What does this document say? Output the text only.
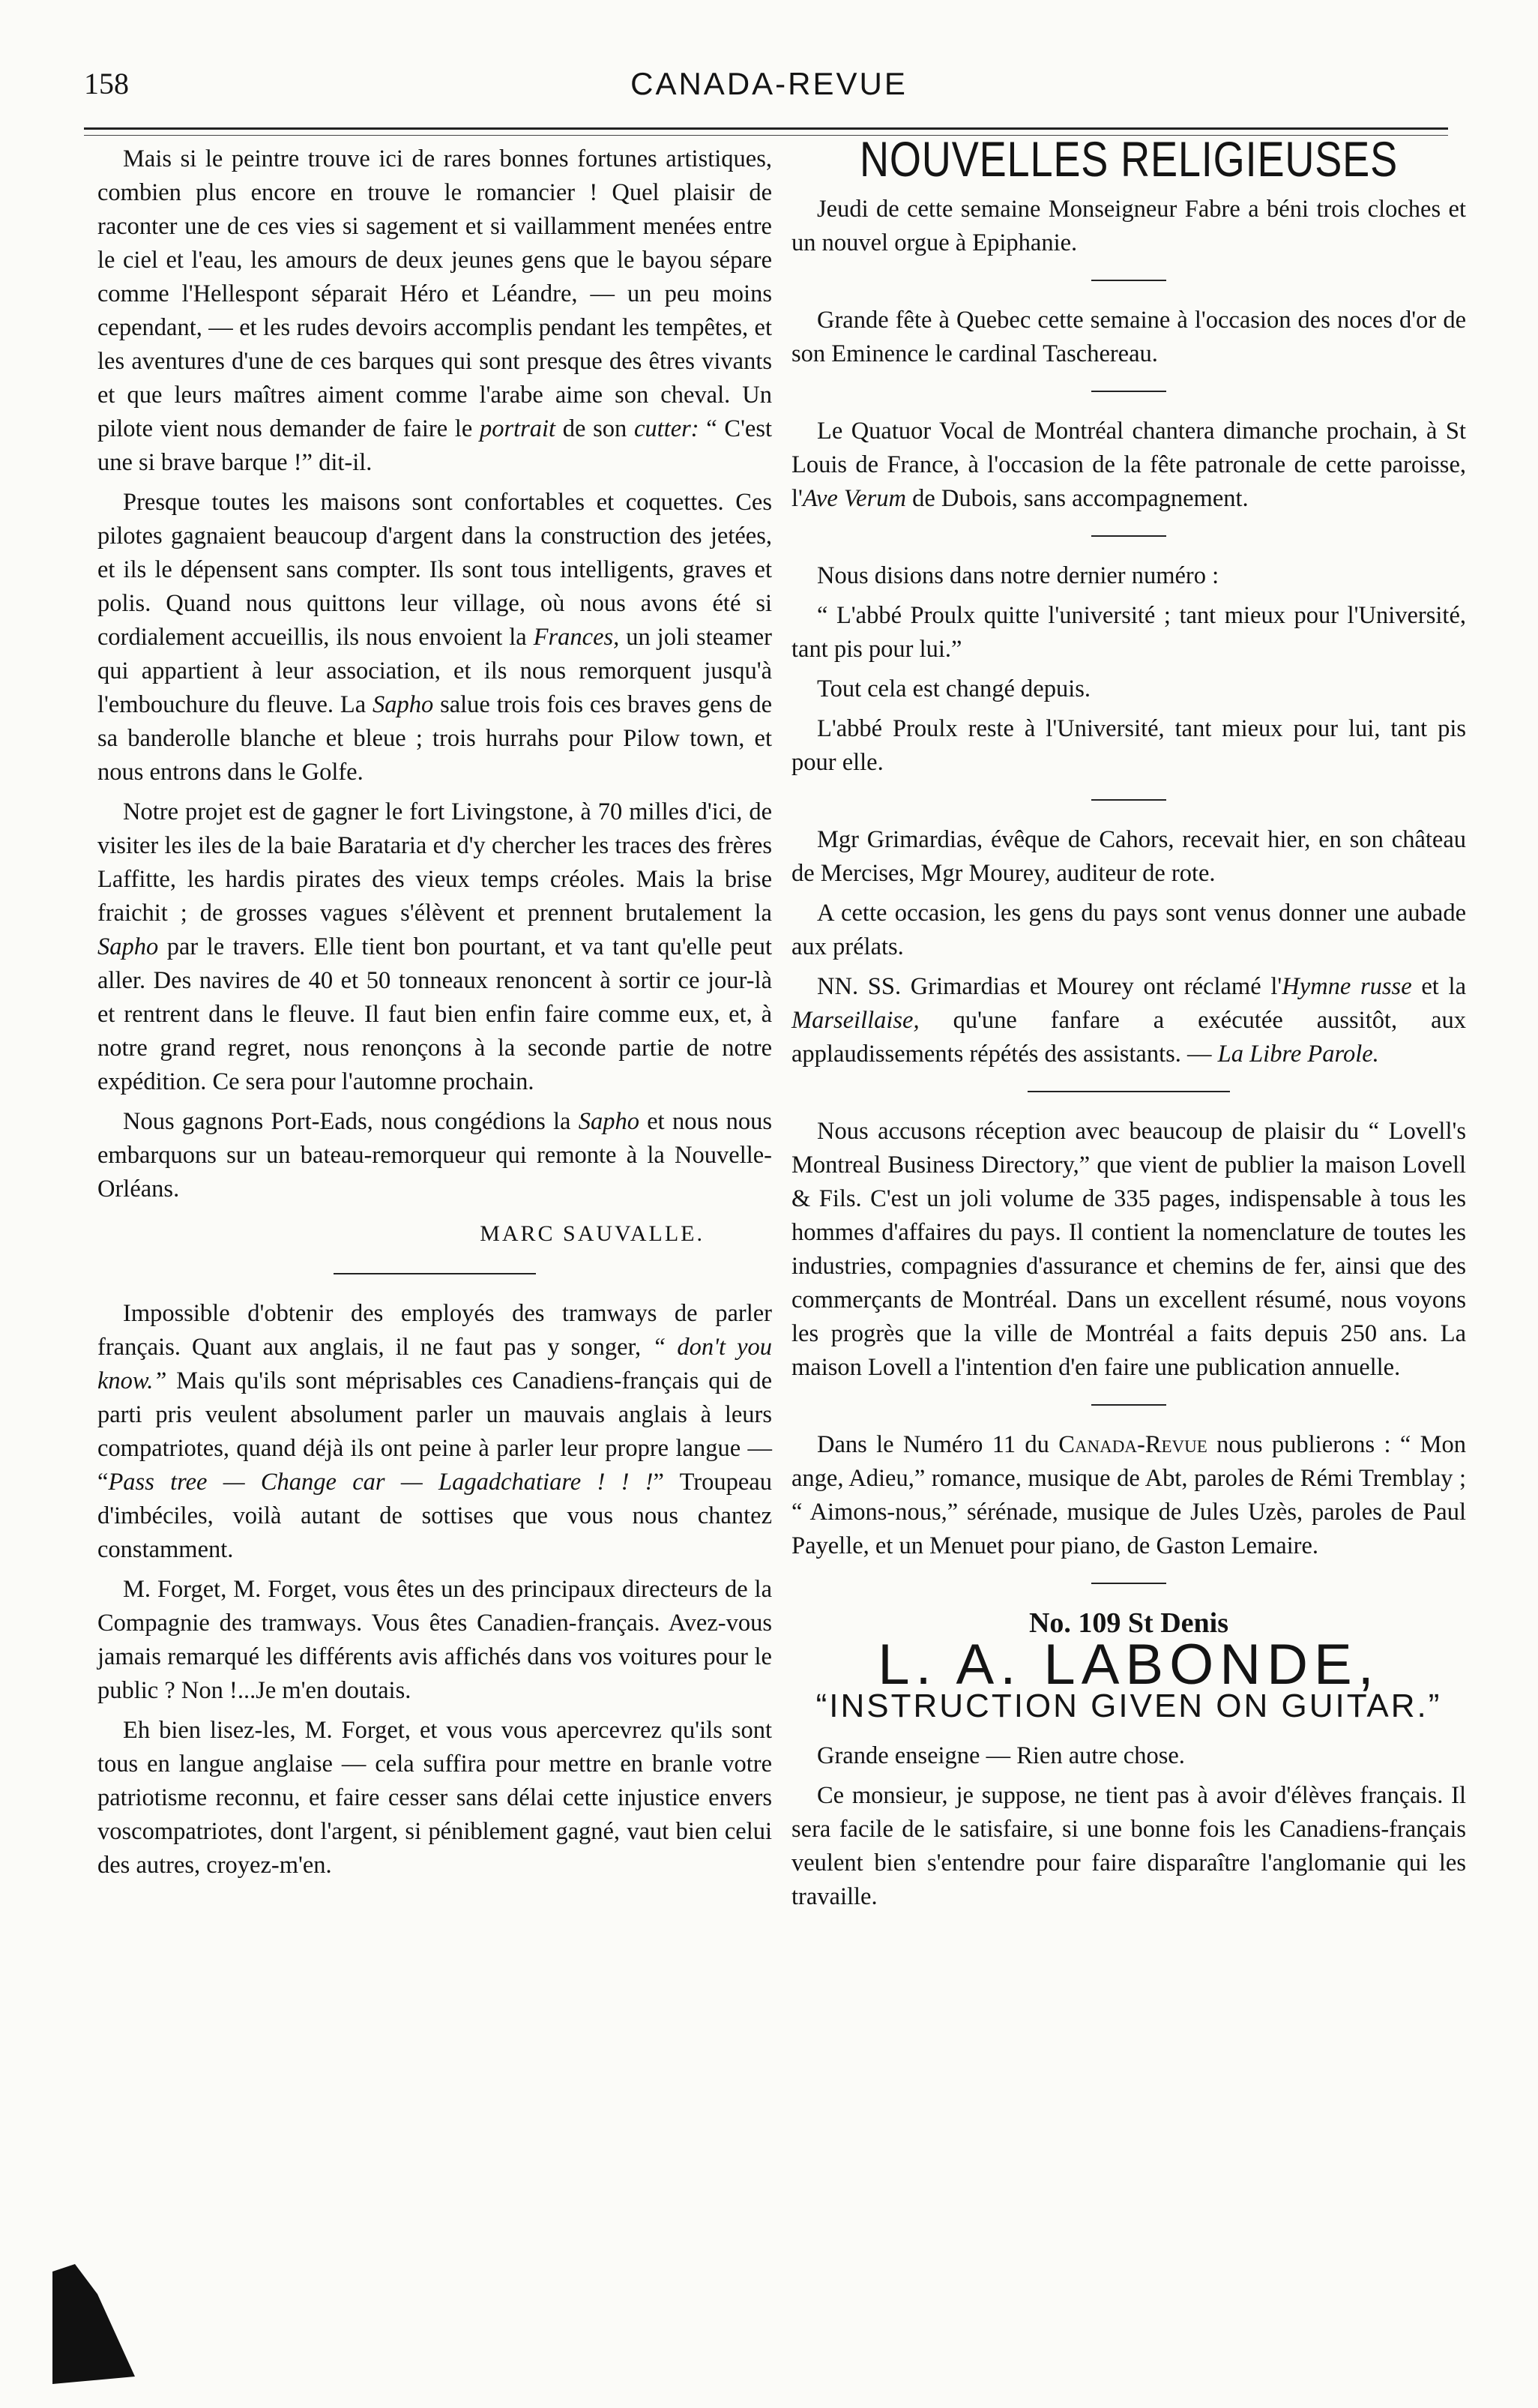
158	CANADA-REVUE

Mais si le peintre trouve ici de rares bonnes fortunes artistiques, combien plus encore en trouve le romancier ! Quel plaisir de raconter une de ces vies si sagement et si vaillamment menées entre le ciel et l'eau, les amours de deux jeunes gens que le bayou sépare comme l'Hellespont séparait Héro et Léandre, — un peu moins cependant, — et les rudes devoirs accomplis pendant les tempêtes, et les aventures d'une de ces barques qui sont presque des êtres vivants et que leurs maîtres aiment comme l'arabe aime son cheval. Un pilote vient nous demander de faire le portrait de son cutter: “ C'est une si brave barque !” dit-il.

Presque toutes les maisons sont confortables et coquettes. Ces pilotes gagnaient beaucoup d'argent dans la construction des jetées, et ils le dépensent sans compter. Ils sont tous intelligents, graves et polis. Quand nous quittons leur village, où nous avons été si cordialement accueillis, ils nous envoient la Frances, un joli steamer qui appartient à leur association, et ils nous remorquent jusqu'à l'embouchure du fleuve. La Sapho salue trois fois ces braves gens de sa banderolle blanche et bleue ; trois hurrahs pour Pilow town, et nous entrons dans le Golfe.

Notre projet est de gagner le fort Livingstone, à 70 milles d'ici, de visiter les iles de la baie Barataria et d'y chercher les traces des frères Laffitte, les hardis pirates des vieux temps créoles. Mais la brise fraichit ; de grosses vagues s'élèvent et prennent brutalement la Sapho par le travers. Elle tient bon pourtant, et va tant qu'elle peut aller. Des navires de 40 et 50 tonneaux renoncent à sortir ce jour-là et rentrent dans le fleuve. Il faut bien enfin faire comme eux, et, à notre grand regret, nous renonçons à la seconde partie de notre expédition. Ce sera pour l'automne prochain.

Nous gagnons Port-Eads, nous congédions la Sapho et nous nous embarquons sur un bateau-remorqueur qui remonte à la Nouvelle-Orléans.

MARC SAUVALLE.

Impossible d'obtenir des employés des tramways de parler français. Quant aux anglais, il ne faut pas y songer, “ don't you know.” Mais qu'ils sont méprisables ces Canadiens-français qui de parti pris veulent absolument parler un mauvais anglais à leurs compatriotes, quand déjà ils ont peine à parler leur propre langue — “Pass tree — Change car — Lagadchatiare ! ! !” Troupeau d'imbéciles, voilà autant de sottises que vous nous chantez constamment.

M. Forget, M. Forget, vous êtes un des principaux directeurs de la Compagnie des tramways. Vous êtes Canadien-français. Avez-vous jamais remarqué les différents avis affichés dans vos voitures pour le public ? Non !...Je m'en doutais.

Eh bien lisez-les, M. Forget, et vous vous apercevrez qu'ils sont tous en langue anglaise — cela suffira pour mettre en branle votre patriotisme reconnu, et faire cesser sans délai cette injustice envers voscompatriotes, dont l'argent, si péniblement gagné, vaut bien celui des autres, croyez-m'en.

NOUVELLES RELIGIEUSES

Jeudi de cette semaine Monseigneur Fabre a béni trois cloches et un nouvel orgue à Epiphanie.

Grande fête à Quebec cette semaine à l'occasion des noces d'or de son Eminence le cardinal Taschereau.

Le Quatuor Vocal de Montréal chantera dimanche prochain, à St Louis de France, à l'occasion de la fête patronale de cette paroisse, l'Ave Verum de Dubois, sans accompagnement.

Nous disions dans notre dernier numéro :

“ L'abbé Proulx quitte l'université ; tant mieux pour l'Université, tant pis pour lui.”

Tout cela est changé depuis.

L'abbé Proulx reste à l'Université, tant mieux pour lui, tant pis pour elle.

Mgr Grimardias, évêque de Cahors, recevait hier, en son château de Mercises, Mgr Mourey, auditeur de rote.

A cette occasion, les gens du pays sont venus donner une aubade aux prélats.

NN. SS. Grimardias et Mourey ont réclamé l'Hymne russe et la Marseillaise, qu'une fanfare a exécutée aussitôt, aux applaudissements répétés des assistants. — La Libre Parole.

Nous accusons réception avec beaucoup de plaisir du “ Lovell's Montreal Business Directory,” que vient de publier la maison Lovell & Fils. C'est un joli volume de 335 pages, indispensable à tous les hommes d'affaires du pays. Il contient la nomenclature de toutes les industries, compagnies d'assurance et chemins de fer, ainsi que des commerçants de Montréal. Dans un excellent résumé, nous voyons les progrès que la ville de Montréal a faits depuis 250 ans. La maison Lovell a l'intention d'en faire une publication annuelle.

Dans le Numéro 11 du Canada-Revue nous publierons : “ Mon ange, Adieu,” romance, musique de Abt, paroles de Rémi Tremblay ; “ Aimons-nous,” sérénade, musique de Jules Uzès, paroles de Paul Payelle, et un Menuet pour piano, de Gaston Lemaire.

No. 109 St Denis
L. A. LABONDE,
“INSTRUCTION GIVEN ON GUITAR.”

Grande enseigne — Rien autre chose.

Ce monsieur, je suppose, ne tient pas à avoir d'élèves français. Il sera facile de le satisfaire, si une bonne fois les Canadiens-français veulent bien s'entendre pour faire disparaître l'anglomanie qui les travaille.
